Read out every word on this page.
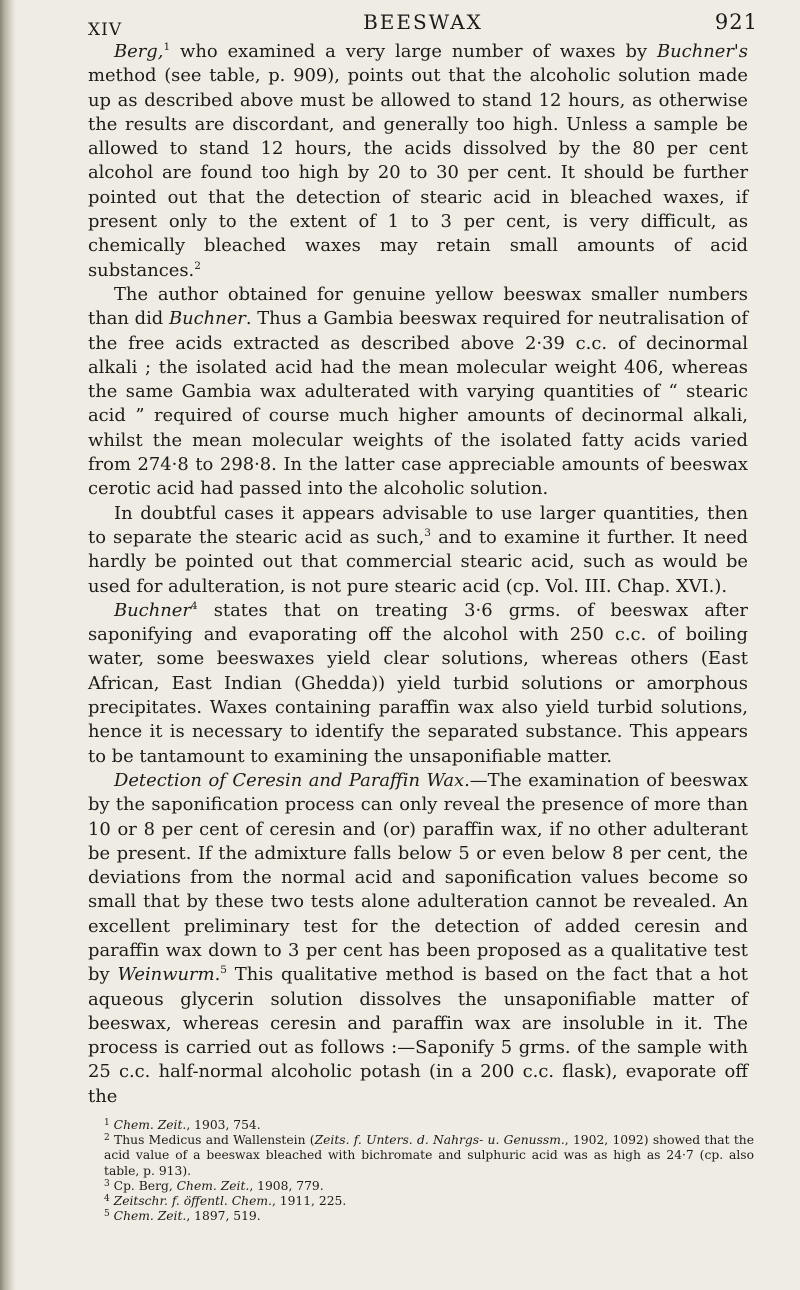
XIV	BEESWAX	921

Berg,$^1$ who examined a very large number of waxes by Buchner's method (see table, p. 909), points out that the alcoholic solution made up as described above must be allowed to stand 12 hours, as otherwise the results are discordant, and generally too high. Unless a sample be allowed to stand 12 hours, the acids dissolved by the 80 per cent alcohol are found too high by 20 to 30 per cent. It should be further pointed out that the detection of stearic acid in bleached waxes, if present only to the extent of 1 to 3 per cent, is very difficult, as chemically bleached waxes may retain small amounts of acid substances.$^2$

The author obtained for genuine yellow beeswax smaller numbers than did Buchner. Thus a Gambia beeswax required for neutralisation of the free acids extracted as described above 2·39 c.c. of decinormal alkali ; the isolated acid had the mean molecular weight 406, whereas the same Gambia wax adulterated with varying quantities of “ stearic acid ” required of course much higher amounts of decinormal alkali, whilst the mean molecular weights of the isolated fatty acids varied from 274·8 to 298·8. In the latter case appreciable amounts of beeswax cerotic acid had passed into the alcoholic solution.

In doubtful cases it appears advisable to use larger quantities, then to separate the stearic acid as such,$^3$ and to examine it further. It need hardly be pointed out that commercial stearic acid, such as would be used for adulteration, is not pure stearic acid (cp. Vol. III. Chap. XVI.).

Buchner$^4$ states that on treating 3·6 grms. of beeswax after saponifying and evaporating off the alcohol with 250 c.c. of boiling water, some beeswaxes yield clear solutions, whereas others (East African, East Indian (Ghedda)) yield turbid solutions or amorphous precipitates. Waxes containing paraffin wax also yield turbid solutions, hence it is necessary to identify the separated substance. This appears to be tantamount to examining the unsaponifiable matter.

Detection of Ceresin and Paraffin Wax.—The examination of beeswax by the saponification process can only reveal the presence of more than 10 or 8 per cent of ceresin and (or) paraffin wax, if no other adulterant be present. If the admixture falls below 5 or even below 8 per cent, the deviations from the normal acid and saponification values become so small that by these two tests alone adulteration cannot be revealed. An excellent preliminary test for the detection of added ceresin and paraffin wax down to 3 per cent has been proposed as a qualitative test by Weinwurm.$^5$ This qualitative method is based on the fact that a hot aqueous glycerin solution dissolves the unsaponifiable matter of beeswax, whereas ceresin and paraffin wax are insoluble in it. The process is carried out as follows :—Saponify 5 grms. of the sample with 25 c.c. half-normal alcoholic potash (in a 200 c.c. flask), evaporate off the

$^1$ Chem. Zeit., 1903, 754.
$^2$ Thus Medicus and Wallenstein (Zeits. f. Unters. d. Nahrgs- u. Genussm., 1902, 1092) showed that the acid value of a beeswax bleached with bichromate and sulphuric acid was as high as 24·7 (cp. also table, p. 913).
$^3$ Cp. Berg, Chem. Zeit., 1908, 779.
$^4$ Zeitschr. f. öffentl. Chem., 1911, 225.
$^5$ Chem. Zeit., 1897, 519.
